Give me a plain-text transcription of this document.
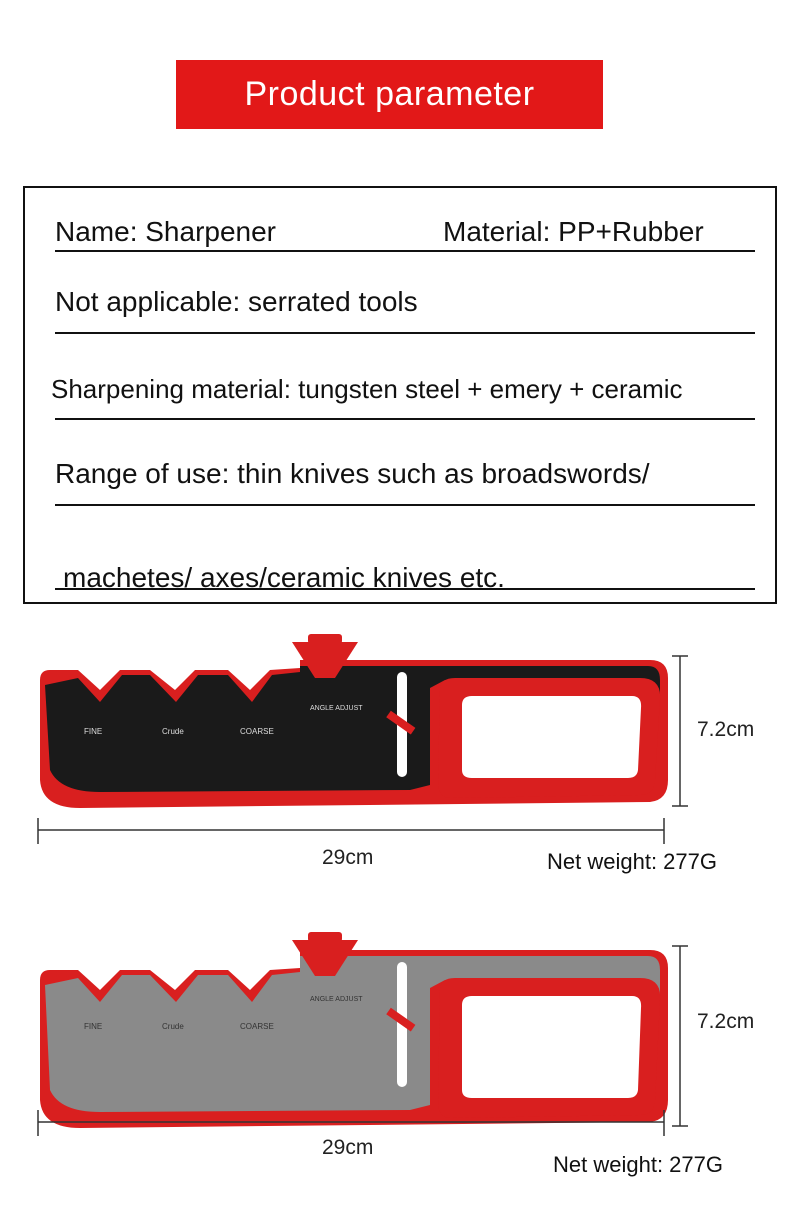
Product parameter
Name: Sharpener	Material: PP+Rubber
Not applicable: serrated tools
Sharpening material: tungsten steel + emery + ceramic
Range of use: thin knives such as broadswords/
machetes/ axes/ceramic knives etc.
FINE	Crude	COARSE
ANGLE ADJUST
7.2cm
29cm	Net weight: 277G
FINE	Crude	COARSE
ANGLE ADJUST
7.2cm
29cm
Net weight: 277G
